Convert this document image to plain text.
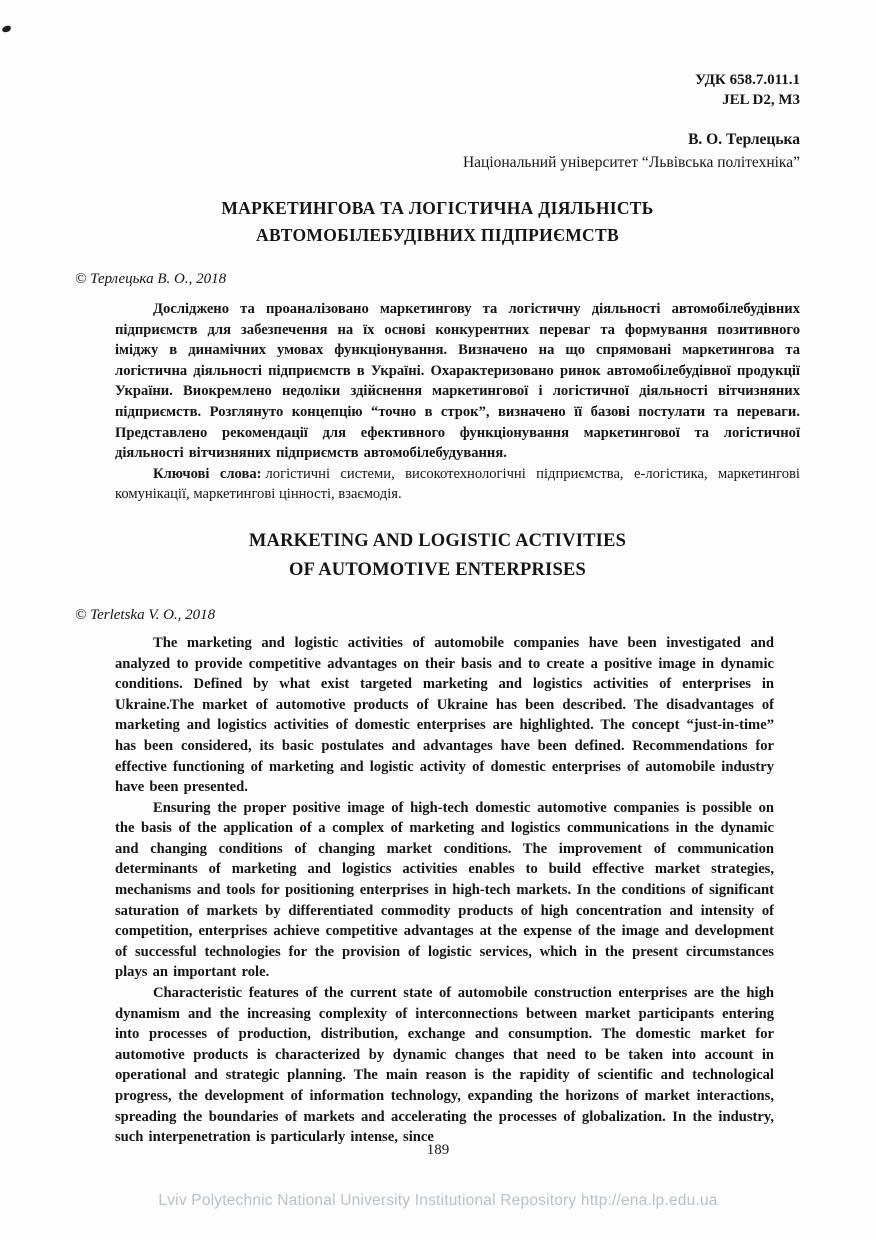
УДК 658.7.011.1
JEL D2, M3
В. О. Терлецька
Національний університет “Львівська політехніка”
МАРКЕТИНГОВА ТА ЛОГІСТИЧНА ДІЯЛЬНІСТЬ
АВТОМОБІЛЕБУДІВНИХ ПІДПРИЄМСТВ
© Терлецька В. О., 2018

Досліджено та проаналізовано маркетингову та логістичну діяльності автомобілебудівних підприємств для забезпечення на їх основі конкурентних переваг та формування позитивного іміджу в динамічних умовах функціонування. Визначено на що спрямовані маркетингова та логістична діяльності підприємств в Україні. Охарактеризовано ринок автомобілебудівної продукції України. Виокремлено недоліки здійснення маркетингової і логістичної діяльності вітчизняних підприємств. Розглянуто концепцію “точно в строк”, визначено її базові постулати та переваги. Представлено рекомендації для ефективного функціонування маркетингової та логістичної діяльності вітчизняних підприємств автомобілебудування.

Ключові слова: логістичні системи, високотехнологічні підприємства, е-логістика, маркетингові комунікації, маркетингові цінності, взаємодія.

MARKETING AND LOGISTIC ACTIVITIES
OF AUTOMOTIVE ENTERPRISES
© Terletska V. O., 2018

The marketing and logistic activities of automobile companies have been investigated and analyzed to provide competitive advantages on their basis and to create a positive image in dynamic conditions. Defined by what exist targeted marketing and logistics activities of enterprises in Ukraine.The market of automotive products of Ukraine has been described. The disadvantages of marketing and logistics activities of domestic enterprises are highlighted. The concept “just-in-time” has been considered, its basic postulates and advantages have been defined. Recommendations for effective functioning of marketing and logistic activity of domestic enterprises of automobile industry have been presented.

Ensuring the proper positive image of high-tech domestic automotive companies is possible on the basis of the application of a complex of marketing and logistics communications in the dynamic and changing conditions of changing market conditions. The improvement of communication determinants of marketing and logistics activities enables to build effective market strategies, mechanisms and tools for positioning enterprises in high-tech markets. In the conditions of significant saturation of markets by differentiated commodity products of high concentration and intensity of competition, enterprises achieve competitive advantages at the expense of the image and development of successful technologies for the provision of logistic services, which in the present circumstances plays an important role.

Characteristic features of the current state of automobile construction enterprises are the high dynamism and the increasing complexity of interconnections between market participants entering into processes of production, distribution, exchange and consumption. The domestic market for automotive products is characterized by dynamic changes that need to be taken into account in operational and strategic planning. The main reason is the rapidity of scientific and technological progress, the development of information technology, expanding the horizons of market interactions, spreading the boundaries of markets and accelerating the processes of globalization. In the industry, such interpenetration is particularly intense, since

189
Lviv Polytechnic National University Institutional Repository http://ena.lp.edu.ua
